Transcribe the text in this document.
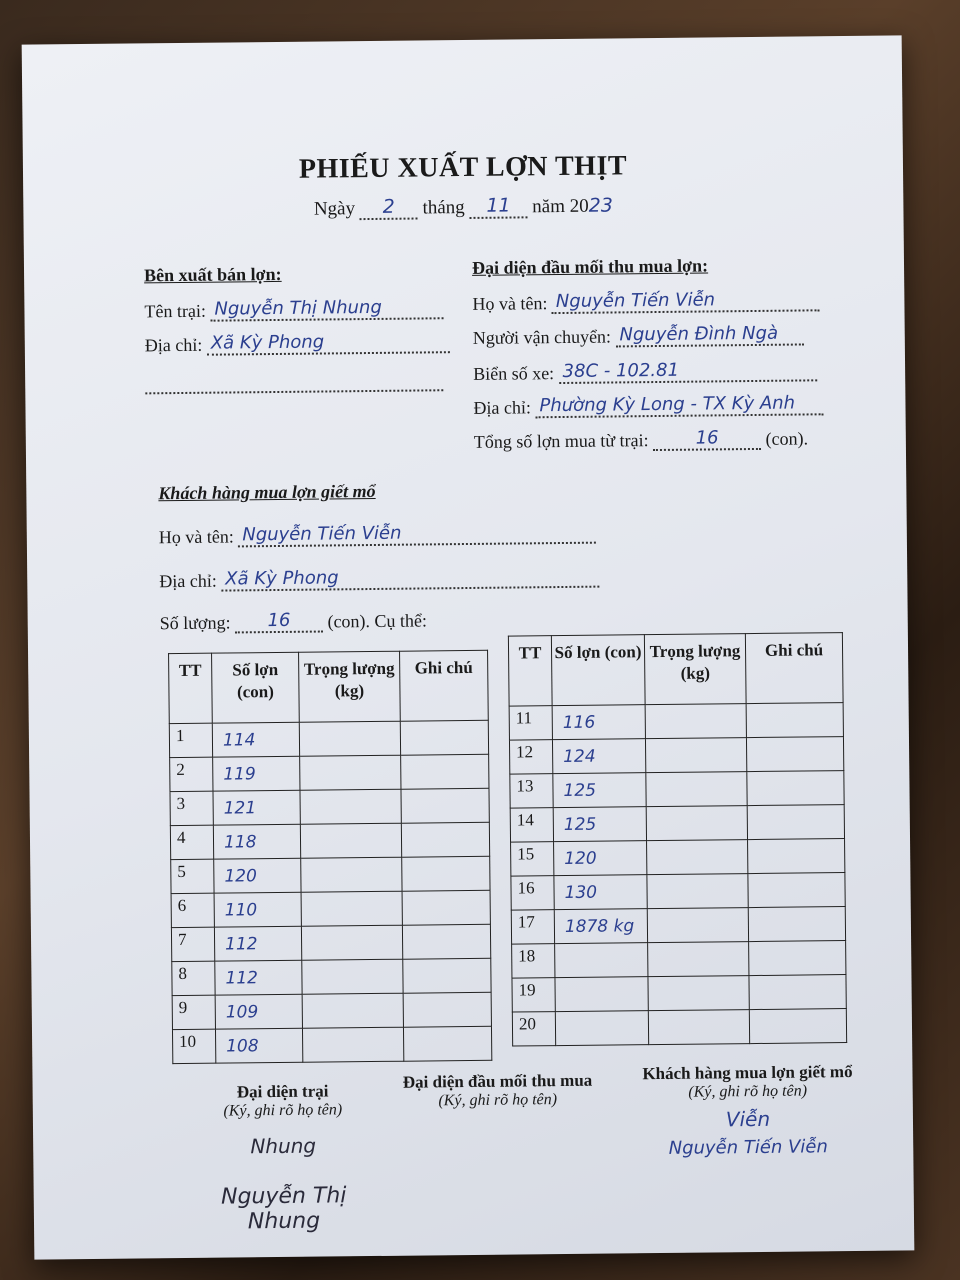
PHIẾU XUẤT LỢN THỊT
Ngày 2 tháng 11 năm 2023
Bên xuất bán lợn:
Tên trại: Nguyễn Thị Nhung
Địa chỉ: Xã Kỳ Phong
Đại diện đầu mối thu mua lợn:
Họ và tên: Nguyễn Tiến Viễn
Người vận chuyển: Nguyễn Đình Ngà
Biển số xe: 38C - 102.81
Địa chỉ: Phường Kỳ Long - TX Kỳ Anh
Tổng số lợn mua từ trại:	16	(con).
Khách hàng mua lợn giết mổ
Họ và tên: Nguyễn Tiến Viễn
Địa chỉ: Xã Kỳ Phong
Số lượng: 16 (con). Cụ thể:
TT	Số lợn (con)	Trọng lượng (kg)	Ghi chú
1	114		
2	119		
3	121		
4	118		
5	120		
6	110		
7	112		
8	112		
9	109		
10	108		
TT	Số lợn (con)	Trọng lượng (kg)	Ghi chú
11	116		
12	124		
13	125		
14	125		
15	120		
16	130		
17	1878 kg		
18			
19			
20			
Đại diện trại
(Ký, ghi rõ họ tên)
Nhung
Nguyễn Thị Nhung
Đại diện đầu mối thu mua
(Ký, ghi rõ họ tên)
Khách hàng mua lợn giết mổ
(Ký, ghi rõ họ tên)
Viễn
Nguyễn Tiến Viễn
